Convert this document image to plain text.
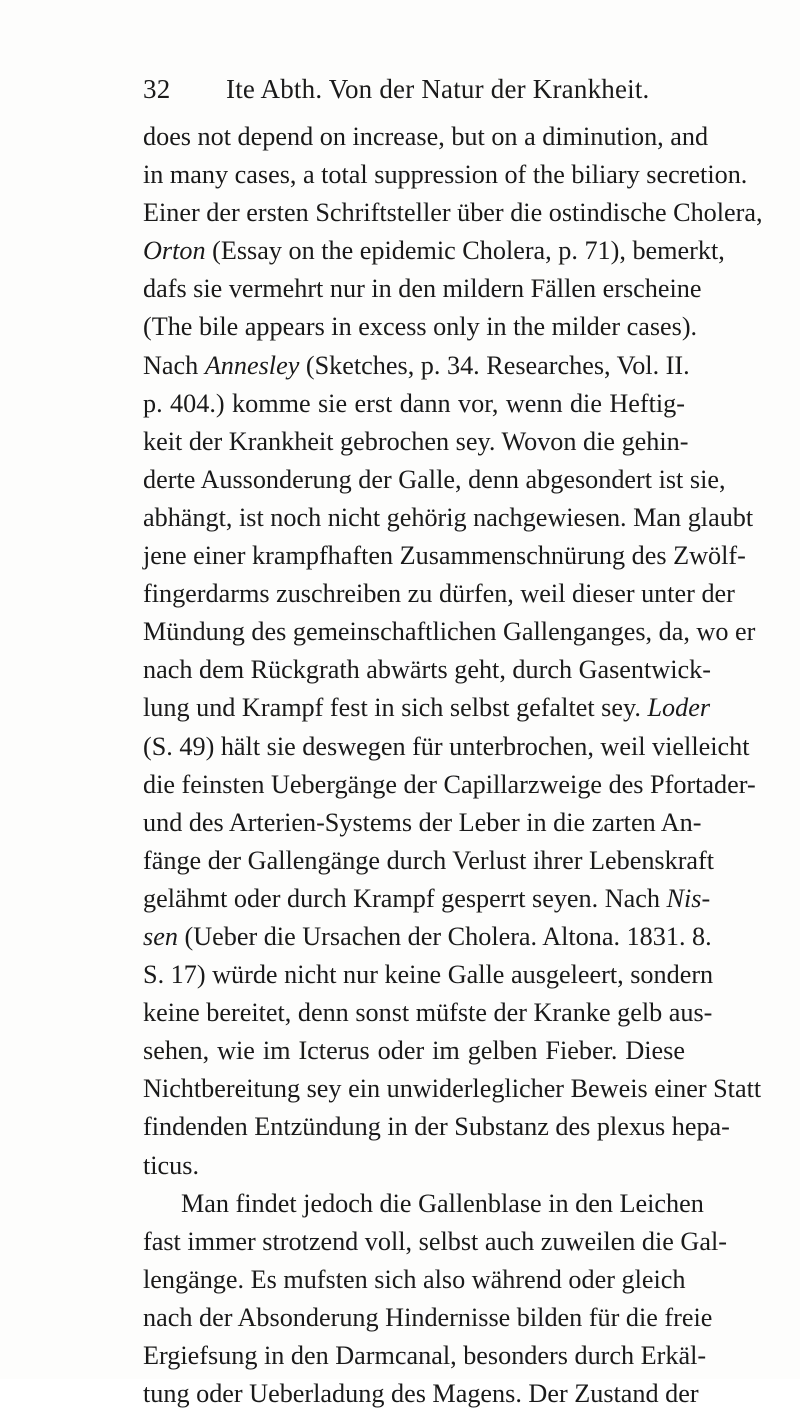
32 Ite Abth. Von der Natur der Krankheit.
does not depend on increase, but on a diminution, and
in many cases, a total suppression of the biliary secretion.
Einer der ersten Schriftsteller über die ostindische Cholera,
Orton (Essay on the epidemic Cholera, p. 71), bemerkt,
dafs sie vermehrt nur in den mildern Fällen erscheine
(The bile appears in excess only in the milder cases).
Nach Annesley (Sketches, p. 34. Researches, Vol. II.
p. 404.) komme sie erst dann vor, wenn die Heftig-
keit der Krankheit gebrochen sey. Wovon die gehin-
derte Aussonderung der Galle, denn abgesondert ist sie,
abhängt, ist noch nicht gehörig nachgewiesen. Man glaubt
jene einer krampfhaften Zusammenschnürung des Zwölf-
fingerdarms zuschreiben zu dürfen, weil dieser unter der
Mündung des gemeinschaftlichen Gallenganges, da, wo er
nach dem Rückgrath abwärts geht, durch Gasentwick-
lung und Krampf fest in sich selbst gefaltet sey. Loder
(S. 49) hält sie deswegen für unterbrochen, weil vielleicht
die feinsten Uebergänge der Capillarzweige des Pfortader-
und des Arterien-Systems der Leber in die zarten An-
fänge der Gallengänge durch Verlust ihrer Lebenskraft
gelähmt oder durch Krampf gesperrt seyen. Nach Nis-
sen (Ueber die Ursachen der Cholera. Altona. 1831. 8.
S. 17) würde nicht nur keine Galle ausgeleert, sondern
keine bereitet, denn sonst müfste der Kranke gelb aus-
sehen, wie im Icterus oder im gelben Fieber. Diese
Nichtbereitung sey ein unwiderleglicher Beweis einer Statt
findenden Entzündung in der Substanz des plexus hepa-
ticus.
Man findet jedoch die Gallenblase in den Leichen
fast immer strotzend voll, selbst auch zuweilen die Gal-
lengänge. Es mufsten sich also während oder gleich
nach der Absonderung Hindernisse bilden für die freie
Ergiefsung in den Darmcanal, besonders durch Erkäl-
tung oder Ueberladung des Magens. Der Zustand der
